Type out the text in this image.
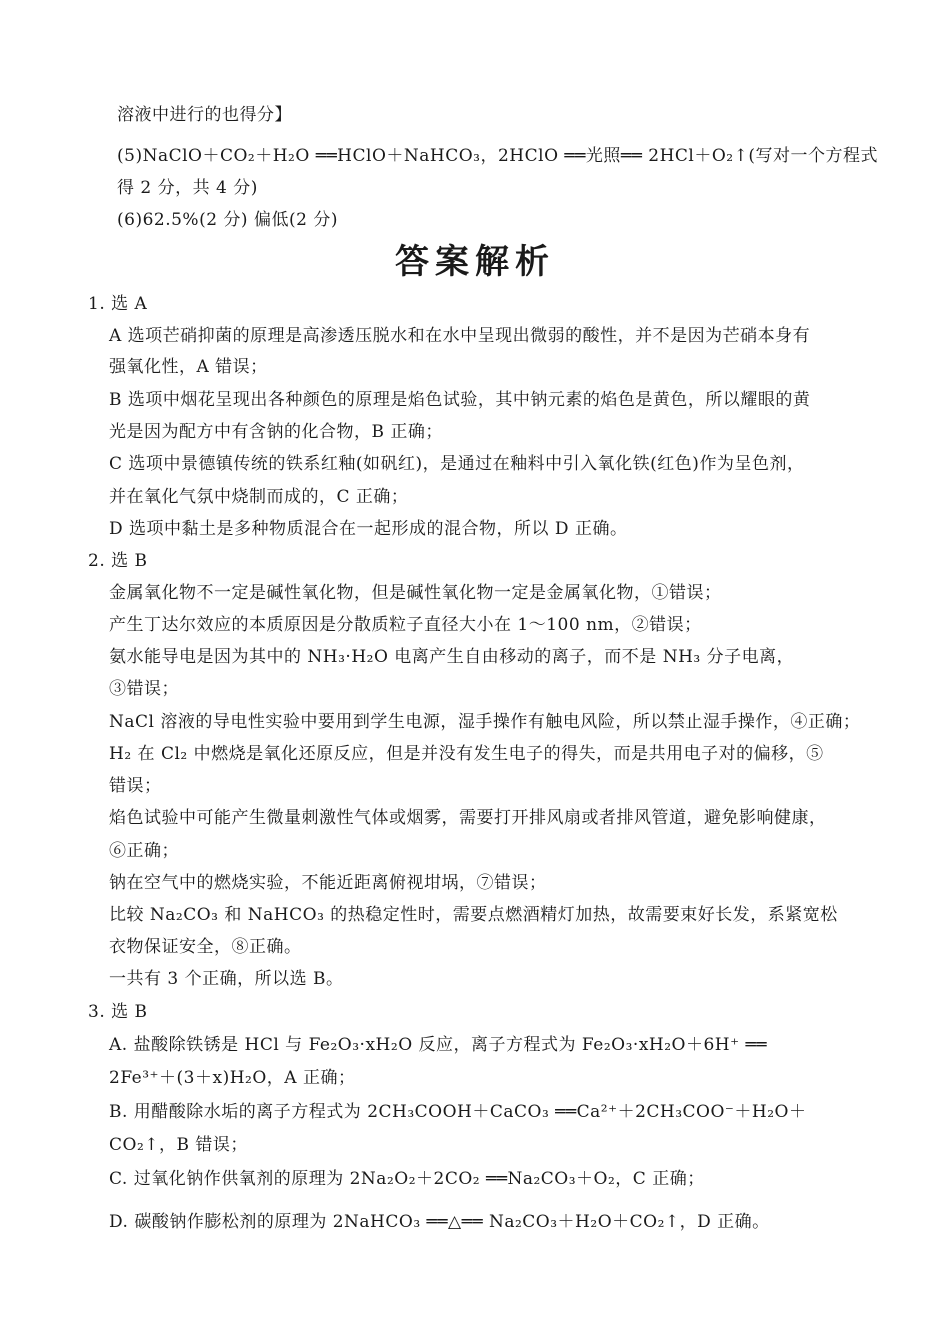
溶液中进行的也得分】
(5)NaClO＋CO₂＋H₂O ══HClO＋NaHCO₃，2HClO ══光照══ 2HCl＋O₂↑(写对一个方程式
得 2 分，共 4 分)
(6)62.5%(2 分) 偏低(2 分)
答案解析
1. 选 A
A 选项芒硝抑菌的原理是高渗透压脱水和在水中呈现出微弱的酸性，并不是因为芒硝本身有
强氧化性，A 错误；
B 选项中烟花呈现出各种颜色的原理是焰色试验，其中钠元素的焰色是黄色，所以耀眼的黄
光是因为配方中有含钠的化合物，B 正确；
C 选项中景德镇传统的铁系红釉(如矾红)，是通过在釉料中引入氧化铁(红色)作为呈色剂，
并在氧化气氛中烧制而成的，C 正确；
D 选项中黏土是多种物质混合在一起形成的混合物，所以 D 正确。
2. 选 B
金属氧化物不一定是碱性氧化物，但是碱性氧化物一定是金属氧化物，①错误；
产生丁达尔效应的本质原因是分散质粒子直径大小在 1～100 nm，②错误；
氨水能导电是因为其中的 NH₃·H₂O 电离产生自由移动的离子，而不是 NH₃ 分子电离，
③错误；
NaCl 溶液的导电性实验中要用到学生电源，湿手操作有触电风险，所以禁止湿手操作，④正确；
H₂ 在 Cl₂ 中燃烧是氧化还原反应，但是并没有发生电子的得失，而是共用电子对的偏移，⑤
错误；
焰色试验中可能产生微量刺激性气体或烟雾，需要打开排风扇或者排风管道，避免影响健康，
⑥正确；
钠在空气中的燃烧实验，不能近距离俯视坩埚，⑦错误；
比较 Na₂CO₃ 和 NaHCO₃ 的热稳定性时，需要点燃酒精灯加热，故需要束好长发，系紧宽松
衣物保证安全，⑧正确。
一共有 3 个正确，所以选 B。
3. 选 B
A. 盐酸除铁锈是 HCl 与 Fe₂O₃·xH₂O 反应，离子方程式为 Fe₂O₃·xH₂O＋6H⁺ ══
2Fe³⁺＋(3＋x)H₂O，A 正确；
B. 用醋酸除水垢的离子方程式为 2CH₃COOH＋CaCO₃ ══Ca²⁺＋2CH₃COO⁻＋H₂O＋
CO₂↑，B 错误；
C. 过氧化钠作供氧剂的原理为 2Na₂O₂＋2CO₂ ══Na₂CO₃＋O₂，C 正确；
D. 碳酸钠作膨松剂的原理为 2NaHCO₃ ══△══ Na₂CO₃＋H₂O＋CO₂↑，D 正确。
